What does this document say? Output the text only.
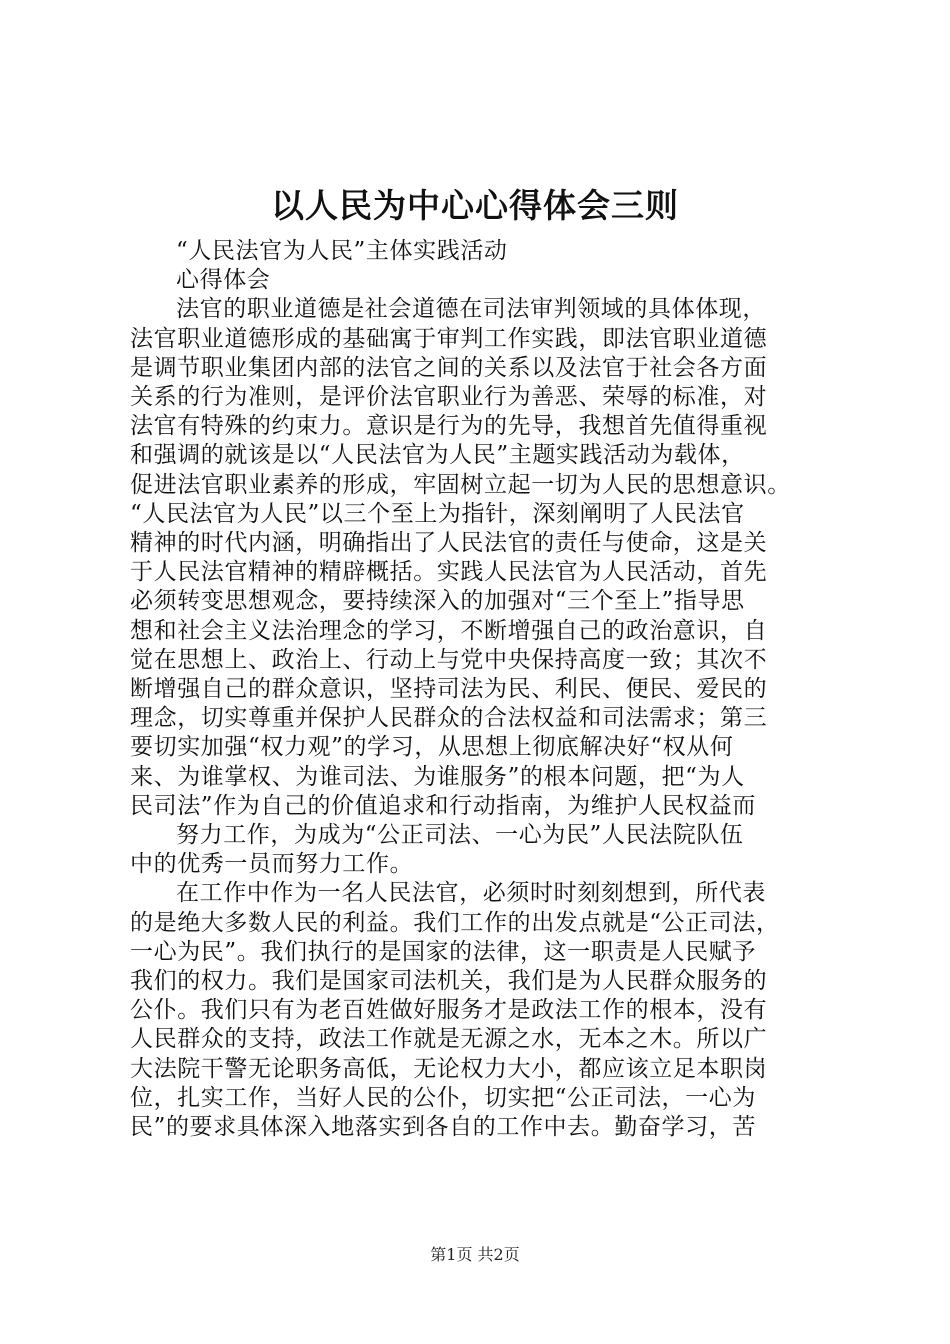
以人民为中心心得体会三则

“人民法官为人民”主体实践活动

心得体会

法官的职业道德是社会道德在司法审判领域的具体体现，
法官职业道德形成的基础寓于审判工作实践，即法官职业道德
是调节职业集团内部的法官之间的关系以及法官于社会各方面
关系的行为准则，是评价法官职业行为善恶、荣辱的标准，对
法官有特殊的约束力。意识是行为的先导，我想首先值得重视
和强调的就该是以“人民法官为人民”主题实践活动为载体，
促进法官职业素养的形成，牢固树立起一切为人民的思想意识。
“人民法官为人民”以三个至上为指针，深刻阐明了人民法官
精神的时代内涵，明确指出了人民法官的责任与使命，这是关
于人民法官精神的精辟概括。实践人民法官为人民活动，首先
必须转变思想观念，要持续深入的加强对“三个至上”指导思
想和社会主义法治理念的学习，不断增强自己的政治意识，自
觉在思想上、政治上、行动上与党中央保持高度一致；其次不
断增强自己的群众意识，坚持司法为民、利民、便民、爱民的
理念，切实尊重并保护人民群众的合法权益和司法需求；第三
要切实加强“权力观”的学习，从思想上彻底解决好“权从何
来、为谁掌权、为谁司法、为谁服务”的根本问题，把“为人
民司法”作为自己的价值追求和行动指南，为维护人民权益而

努力工作，为成为“公正司法、一心为民”人民法院队伍
中的优秀一员而努力工作。

在工作中作为一名人民法官，必须时时刻刻想到，所代表
的是绝大多数人民的利益。我们工作的出发点就是“公正司法，
一心为民”。我们执行的是国家的法律，这一职责是人民赋予
我们的权力。我们是国家司法机关，我们是为人民群众服务的
公仆。我们只有为老百姓做好服务才是政法工作的根本，没有
人民群众的支持，政法工作就是无源之水，无本之木。所以广
大法院干警无论职务高低，无论权力大小，都应该立足本职岗
位，扎实工作，当好人民的公仆，切实把“公正司法，一心为
民”的要求具体深入地落实到各自的工作中去。勤奋学习，苦

第1页 共2页
